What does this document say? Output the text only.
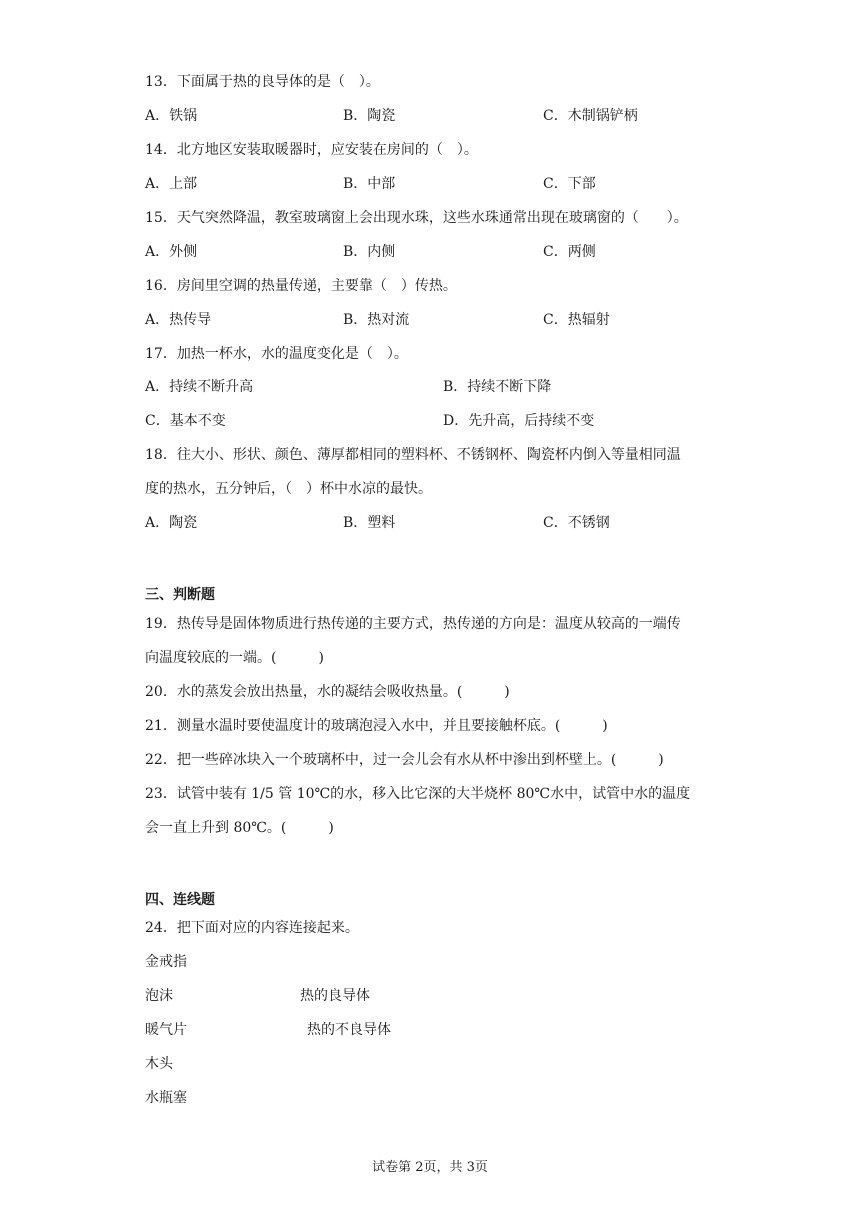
13．下面属于热的良导体的是（　）。
A．铁锅	B．陶瓷	C．木制锅铲柄
14．北方地区安装取暖器时，应安装在房间的（　）。
A．上部	B．中部	C．下部
15．天气突然降温，教室玻璃窗上会出现水珠，这些水珠通常出现在玻璃窗的（　　）。
A．外侧	B．内侧	C．两侧
16．房间里空调的热量传递，主要靠（　）传热。
A．热传导	B．热对流	C．热辐射
17．加热一杯水，水的温度变化是（　）。
A．持续不断升高	B．持续不断下降
C．基本不变	D．先升高，后持续不变
18．往大小、形状、颜色、薄厚都相同的塑料杯、不锈钢杯、陶瓷杯内倒入等量相同温
度的热水，五分钟后，（　）杯中水凉的最快。
A．陶瓷	B．塑料	C．不锈钢
三、判断题
19．热传导是固体物质进行热传递的主要方式，热传递的方向是：温度从较高的一端传
向温度较底的一端。(　　　)
20．水的蒸发会放出热量，水的凝结会吸收热量。(　　　)
21．测量水温时要使温度计的玻璃泡浸入水中，并且要接触杯底。(　　　)
22．把一些碎冰块入一个玻璃杯中，过一会儿会有水从杯中渗出到杯壁上。(　　　)
23．试管中装有 1/5 管 10℃的水，移入比它深的大半烧杯 80℃水中，试管中水的温度
会一直上升到 80℃。(　　　)
四、连线题
24．把下面对应的内容连接起来。
金戒指
泡沫	热的良导体
暖气片	热的不良导体
木头
水瓶塞
试卷第 2页，共 3页
